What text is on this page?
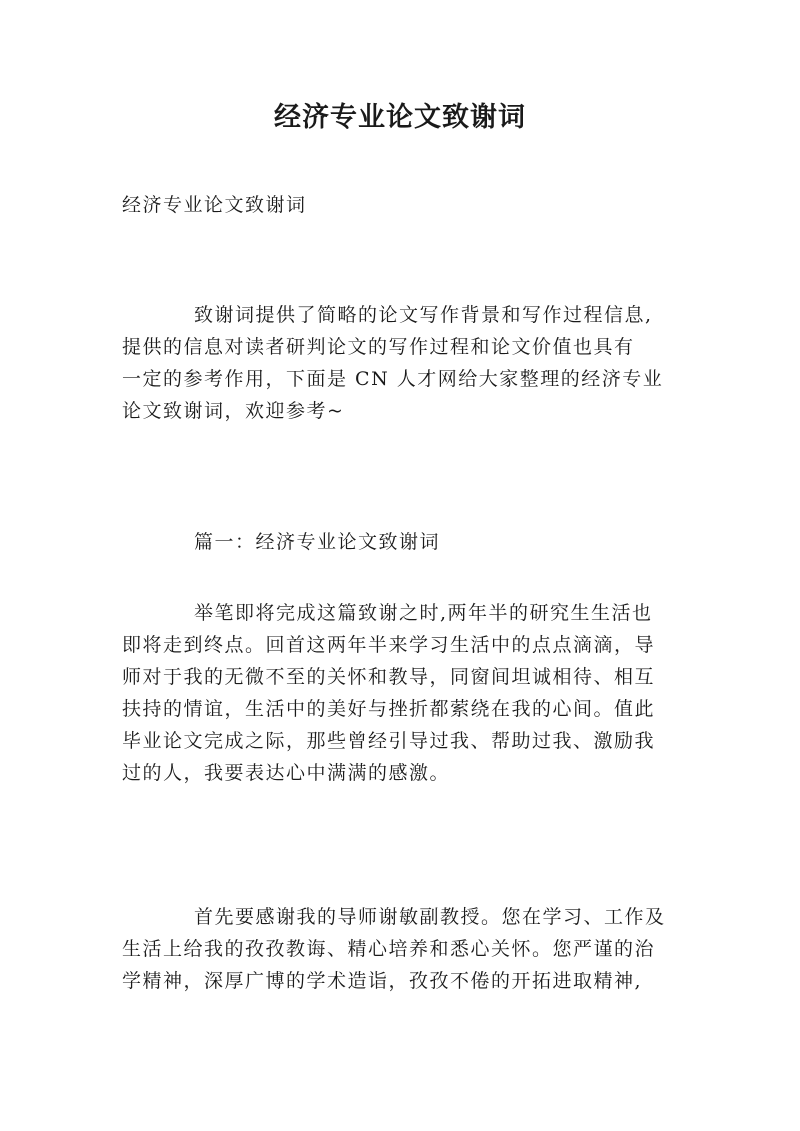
经济专业论文致谢词
经济专业论文致谢词
致谢词提供了简略的论文写作背景和写作过程信息,
提供的信息对读者研判论文的写作过程和论文价值也具有
一定的参考作用，下面是 CN 人才网给大家整理的经济专业
论文致谢词，欢迎参考~
篇一：经济专业论文致谢词
举笔即将完成这篇致谢之时,两年半的研究生生活也
即将走到终点。回首这两年半来学习生活中的点点滴滴，导
师对于我的无微不至的关怀和教导，同窗间坦诚相待、相互
扶持的情谊，生活中的美好与挫折都萦绕在我的心间。值此
毕业论文完成之际，那些曾经引导过我、帮助过我、激励我
过的人，我要表达心中满满的感激。
首先要感谢我的导师谢敏副教授。您在学习、工作及
生活上给我的孜孜教诲、精心培养和悉心关怀。您严谨的治
学精神，深厚广博的学术造诣，孜孜不倦的开拓进取精神,
